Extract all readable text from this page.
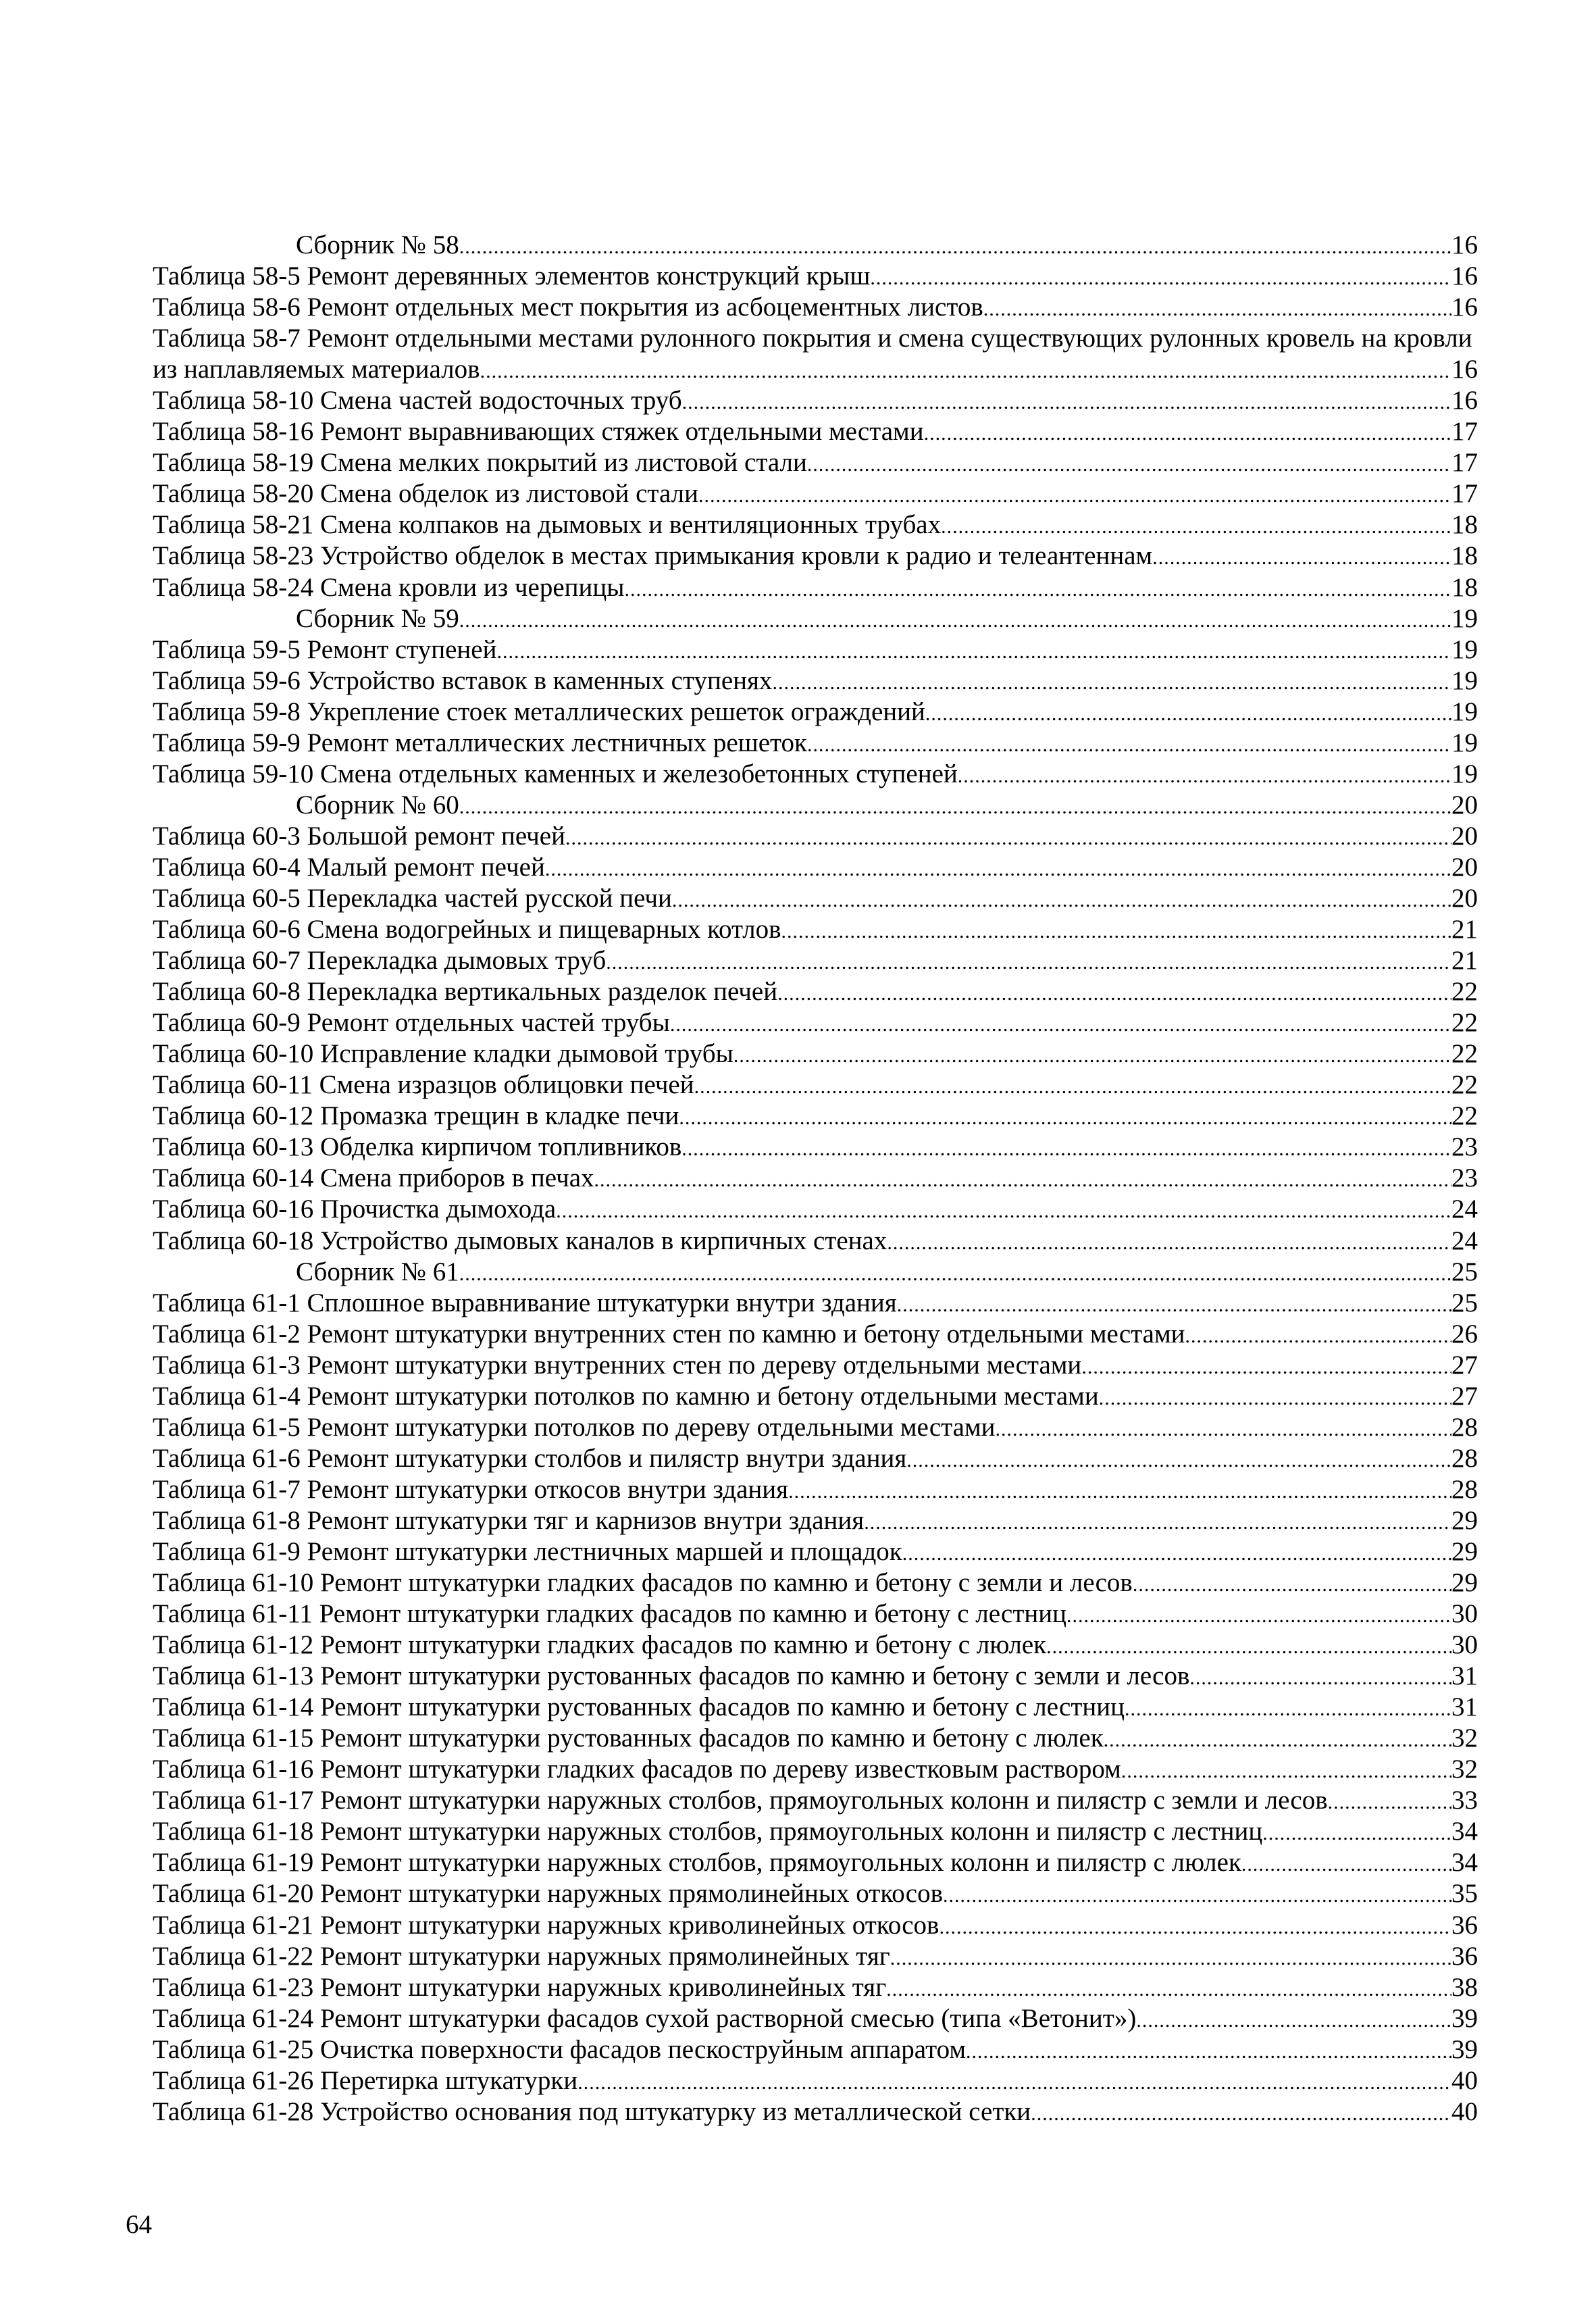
Сборник № 58 .....	16
Таблица 58-5 Ремонт деревянных элементов конструкций крыш .....	16
Таблица 58-6 Ремонт отдельных мест покрытия из асбоцементных листов .....	16
Таблица 58-7 Ремонт отдельными местами рулонного покрытия и смена существующих рулонных кровель на кровли
из наплавляемых материалов .....	16
Таблица 58-10 Смена частей водосточных труб .....	16
Таблица 58-16 Ремонт выравнивающих стяжек отдельными местами .....	17
Таблица 58-19 Смена мелких покрытий из листовой стали .....	17
Таблица 58-20 Смена обделок из листовой стали .....	17
Таблица 58-21 Смена колпаков на дымовых и вентиляционных трубах .....	18
Таблица 58-23 Устройство обделок в местах примыкания кровли к радио и телеантеннам .....	18
Таблица 58-24 Смена кровли из черепицы .....	18
Сборник № 59 .....	19
Таблица 59-5 Ремонт ступеней .....	19
Таблица 59-6 Устройство вставок в каменных ступенях .....	19
Таблица 59-8 Укрепление стоек металлических решеток ограждений .....	19
Таблица 59-9 Ремонт металлических лестничных решеток .....	19
Таблица 59-10 Смена отдельных каменных и железобетонных ступеней .....	19
Сборник № 60 .....	20
Таблица 60-3 Большой ремонт печей .....	20
Таблица 60-4 Малый ремонт печей .....	20
Таблица 60-5 Перекладка частей русской печи .....	20
Таблица 60-6 Смена водогрейных и пищеварных котлов .....	21
Таблица 60-7 Перекладка дымовых труб .....	21
Таблица 60-8 Перекладка вертикальных разделок печей .....	22
Таблица 60-9 Ремонт отдельных частей трубы .....	22
Таблица 60-10 Исправление кладки дымовой трубы .....	22
Таблица 60-11 Смена изразцов облицовки печей .....	22
Таблица 60-12 Промазка трещин в кладке печи .....	22
Таблица 60-13 Обделка кирпичом топливников .....	23
Таблица 60-14 Смена приборов в печах .....	23
Таблица 60-16 Прочистка дымохода .....	24
Таблица 60-18 Устройство дымовых каналов в кирпичных стенах .....	24
Сборник № 61 .....	25
Таблица 61-1 Сплошное выравнивание штукатурки внутри здания .....	25
Таблица 61-2 Ремонт штукатурки внутренних стен по камню и бетону отдельными местами .....	26
Таблица 61-3 Ремонт штукатурки внутренних стен по дереву отдельными местами .....	27
Таблица 61-4 Ремонт штукатурки потолков по камню и бетону отдельными местами .....	27
Таблица 61-5 Ремонт штукатурки потолков по дереву отдельными местами .....	28
Таблица 61-6 Ремонт штукатурки столбов и пилястр внутри здания .....	28
Таблица 61-7 Ремонт штукатурки откосов внутри здания .....	28
Таблица 61-8 Ремонт штукатурки тяг и карнизов внутри здания .....	29
Таблица 61-9 Ремонт штукатурки лестничных маршей и площадок .....	29
Таблица 61-10 Ремонт штукатурки гладких фасадов по камню и бетону с земли и лесов .....	29
Таблица 61-11 Ремонт штукатурки гладких фасадов по камню и бетону с лестниц .....	30
Таблица 61-12 Ремонт штукатурки гладких фасадов по камню и бетону с люлек .....	30
Таблица 61-13 Ремонт штукатурки рустованных фасадов по камню и бетону с земли и лесов .....	31
Таблица 61-14 Ремонт штукатурки рустованных фасадов по камню и бетону с лестниц .....	31
Таблица 61-15 Ремонт штукатурки рустованных фасадов по камню и бетону с люлек .....	32
Таблица 61-16 Ремонт штукатурки гладких фасадов по дереву известковым раствором .....	32
Таблица 61-17 Ремонт штукатурки наружных столбов, прямоугольных колонн и пилястр с земли и лесов .....	33
Таблица 61-18 Ремонт штукатурки наружных столбов, прямоугольных колонн и пилястр с лестниц .....	34
Таблица 61-19 Ремонт штукатурки наружных столбов, прямоугольных колонн и пилястр с люлек .....	34
Таблица 61-20 Ремонт штукатурки наружных прямолинейных откосов .....	35
Таблица 61-21 Ремонт штукатурки наружных криволинейных откосов .....	36
Таблица 61-22 Ремонт штукатурки наружных прямолинейных тяг .....	36
Таблица 61-23 Ремонт штукатурки наружных криволинейных тяг .....	38
Таблица 61-24 Ремонт штукатурки фасадов сухой растворной смесью (типа «Ветонит») .....	39
Таблица 61-25 Очистка поверхности фасадов пескоструйным аппаратом .....	39
Таблица 61-26 Перетирка штукатурки .....	40
Таблица 61-28 Устройство основания под штукатурку из металлической сетки .....	40
64
